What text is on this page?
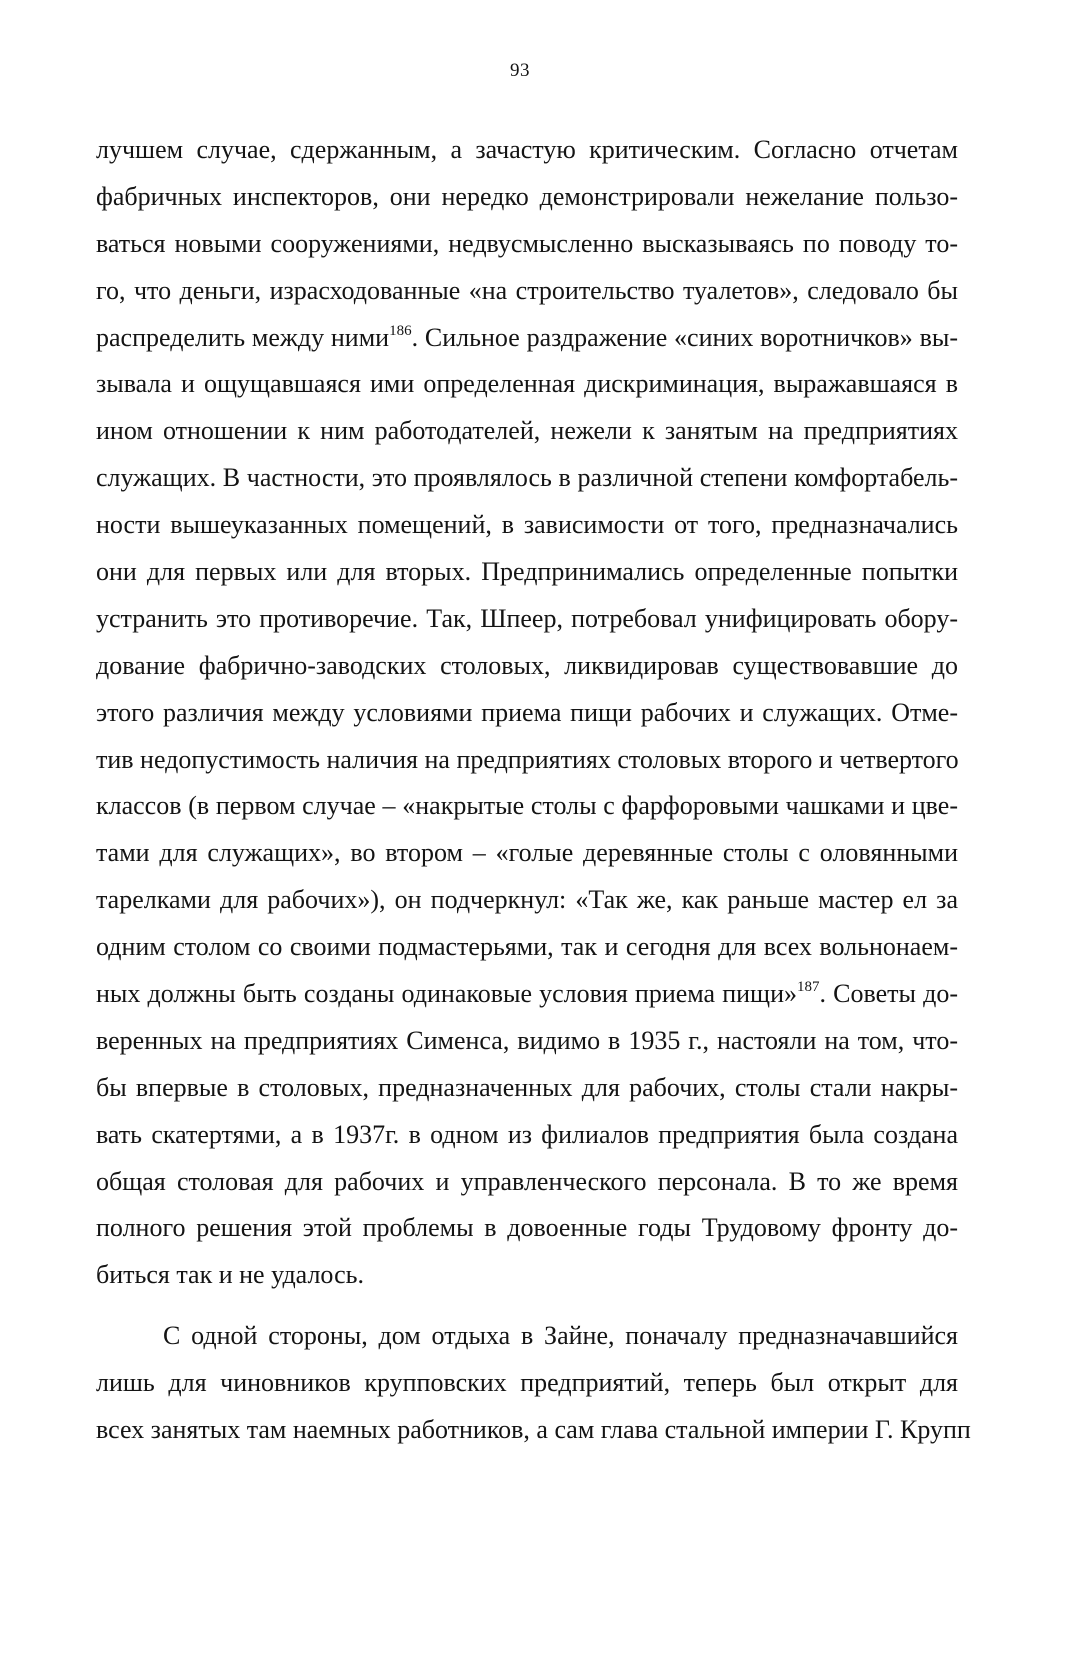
93
лучшем случае, сдержанным, а зачастую критическим. Согласно отчетам
фабричных инспекторов, они нередко демонстрировали нежелание пользо-
ваться новыми сооружениями, недвусмысленно высказываясь по поводу то-
го, что деньги, израсходованные «на строительство туалетов», следовало бы
распределить между ними$^{186}$. Сильное раздражение «синих воротничков» вы-
зывала и ощущавшаяся ими определенная дискриминация, выражавшаяся в
ином отношении к ним работодателей, нежели к занятым на предприятиях
служащих. В частности, это проявлялось в различной степени комфортабель-
ности вышеуказанных помещений, в зависимости от того, предназначались
они для первых или для вторых. Предпринимались определенные попытки
устранить это противоречие. Так, Шпеер, потребовал унифицировать обору-
дование фабрично-заводских столовых, ликвидировав существовавшие до
этого различия между условиями приема пищи рабочих и служащих. Отме-
тив недопустимость наличия на предприятиях столовых второго и четвертого
классов (в первом случае – «накрытые столы с фарфоровыми чашками и цве-
тами для служащих», во втором – «голые деревянные столы с оловянными
тарелками для рабочих»), он подчеркнул: «Так же, как раньше мастер ел за
одним столом со своими подмастерьями, так и сегодня для всех вольнонаем-
ных должны быть созданы одинаковые условия приема пищи»$^{187}$. Советы до-
веренных на предприятиях Сименса, видимо в 1935 г., настояли на том, что-
бы впервые в столовых, предназначенных для рабочих, столы стали накры-
вать скатертями, а в 1937г. в одном из филиалов предприятия была создана
общая столовая для рабочих и управленческого персонала. В то же время
полного решения этой проблемы в довоенные годы Трудовому фронту до-
биться так и не удалось.
С одной стороны, дом отдыха в Зайне, поначалу предназначавшийся
лишь для чиновников крупповских предприятий, теперь был открыт для
всех занятых там наемных работников, а сам глава стальной империи Г. Крупп
